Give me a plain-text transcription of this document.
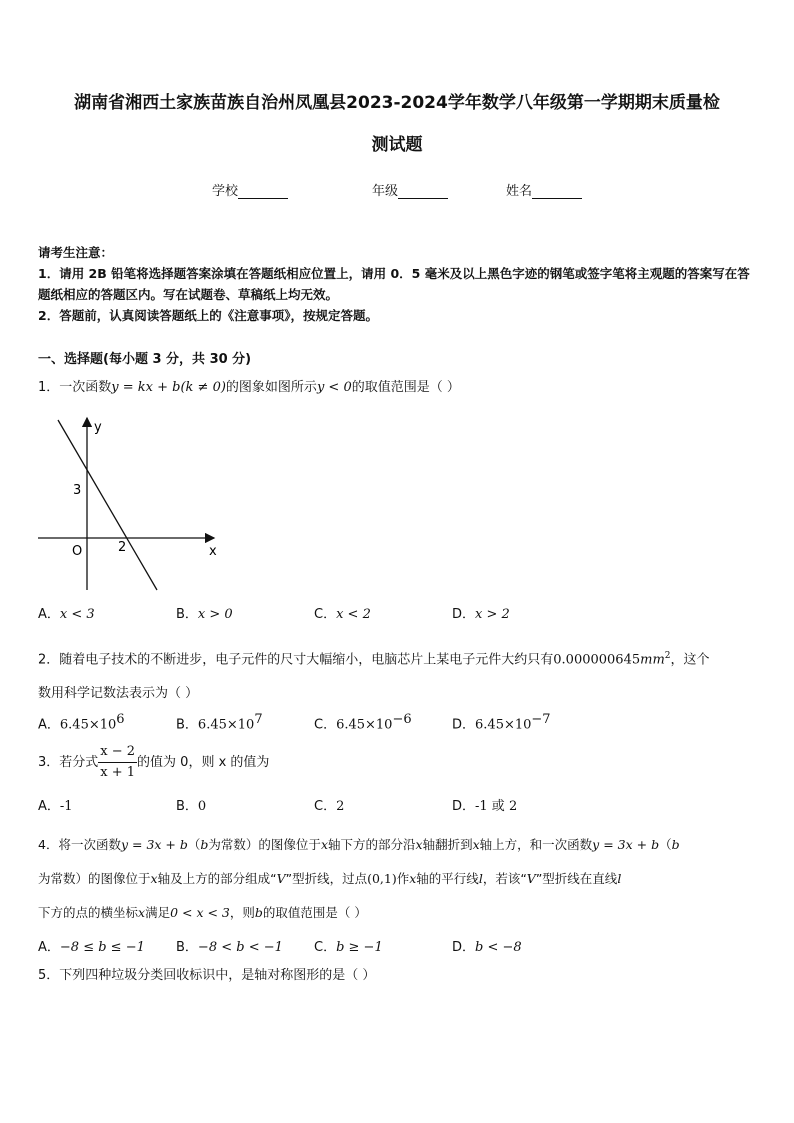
湖南省湘西土家族苗族自治州凤凰县2023-2024学年数学八年级第一学期期末质量检
测试题
学校	年级	姓名
请考生注意：
1．请用 2B 铅笔将选择题答案涂填在答题纸相应位置上，请用 0．5 毫米及以上黑色字迹的钢笔或签字笔将主观题的答案写在答题纸相应的答题区内。写在试题卷、草稿纸上均无效。
2．答题前，认真阅读答题纸上的《注意事项》，按规定答题。
一、选择题(每小题 3 分，共 30 分)
1．一次函数y = kx + b(k ≠ 0)的图象如图所示y < 0的取值范围是（ ）
y
x
O
3
2
A．x < 3	B．x > 0	C．x < 2	D．x > 2
2．随着电子技术的不断进步，电子元件的尺寸大幅缩小，电脑芯片上某电子元件大约只有$0.000000645mm^2$，这个
数用科学记数法表示为（ ）
A．$6.45\times 10^6$	B．$6.45\times 10^7$	C．$6.45\times 10^{-6}$	D．$6.45\times 10^{-7}$
3．若分式 $\frac{x - 2}{x + 1}$ 的值为 0，则 x 的值为
A．-1	B．0	C．2	D．-1 或 2
4．将一次函数y = 3x + b（b为常数）的图像位于x轴下方的部分沿x轴翻折到x轴上方，和一次函数y = 3x + b（b
为常数）的图像位于x轴及上方的部分组成“V”型折线，过点(0,1)作x轴的平行线l，若该“V”型折线在直线l
下方的点的横坐标x满足0 < x < 3，则b的取值范围是（ ）
A．−8 ≤ b ≤ −1 B．−8 < b < −1 C．b ≥ −1	D．b < −8
5．下列四种垃圾分类回收标识中，是轴对称图形的是（ ）
